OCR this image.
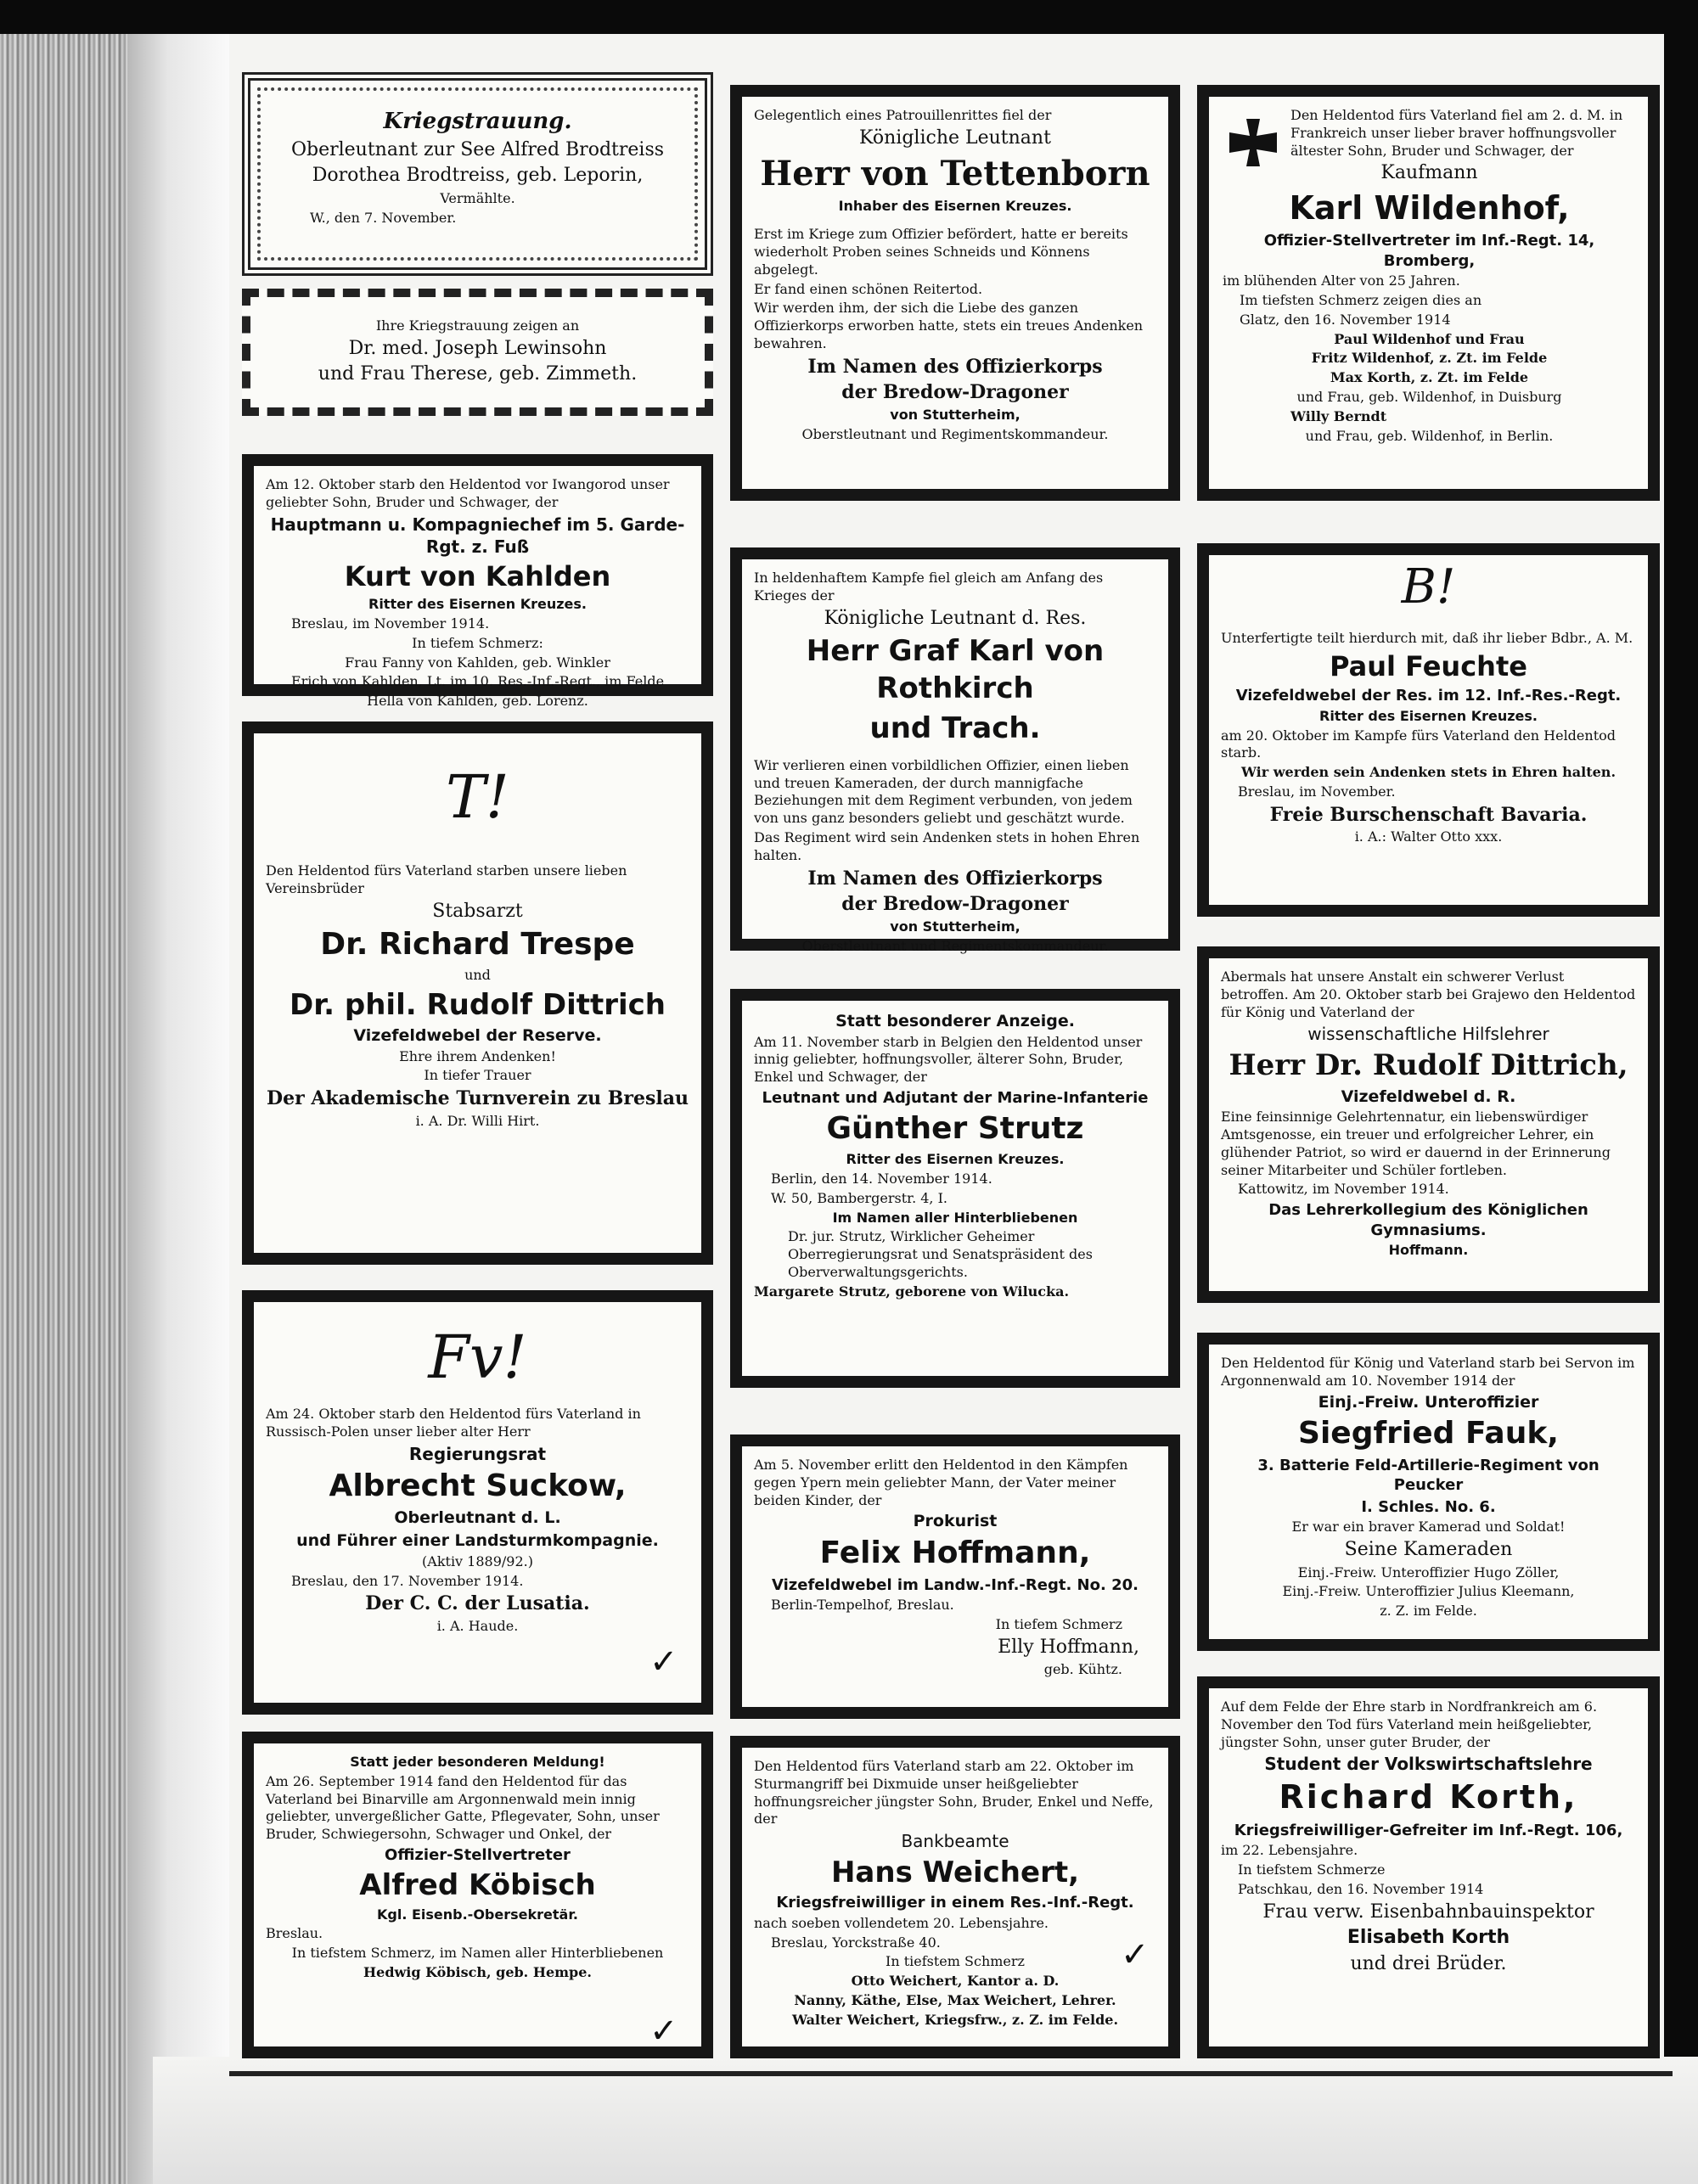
Kriegstrauung.

Oberleutnant zur See Alfred Brodtreiss

Dorothea Brodtreiss, geb. Leporin,

Vermählte.

W., den 7. November.

Ihre Kriegstrauung zeigen an

Dr. med. Joseph Lewinsohn

und Frau Therese, geb. Zimmeth.

Am 12. Oktober starb den Heldentod vor Iwangorod unser geliebter Sohn, Bruder und Schwager, der

Hauptmann u. Kompagniechef im 5. Garde-Rgt. z. Fuß

Kurt von Kahlden

Ritter des Eisernen Kreuzes.

Breslau, im November 1914.

In tiefem Schmerz:

Frau Fanny von Kahlden, geb. Winkler

Erich von Kahlden, Lt. im 10. Res.-Inf.-Regt., im Felde

Hella von Kahlden, geb. Lorenz.

T!

Den Heldentod fürs Vaterland starben unsere lieben Vereinsbrüder

Stabsarzt

Dr. Richard Trespe

und

Dr. phil. Rudolf Dittrich

Vizefeldwebel der Reserve.

Ehre ihrem Andenken!

In tiefer Trauer

Der Akademische Turnverein zu Breslau

i. A. Dr. Willi Hirt.

Fv!

Am 24. Oktober starb den Heldentod fürs Vaterland in Russisch-Polen unser lieber alter Herr

Regierungsrat

Albrecht Suckow,

Oberleutnant d. L.

und Führer einer Landsturmkompagnie.

(Aktiv 1889/92.)

Breslau, den 17. November 1914.

Der C. C. der Lusatia.

i. A. Haude.

Statt jeder besonderen Meldung!

Am 26. September 1914 fand den Heldentod für das Vaterland bei Binarville am Argonnenwald mein innig geliebter, unvergeßlicher Gatte, Pflegevater, Sohn, unser Bruder, Schwiegersohn, Schwager und Onkel, der

Offizier-Stellvertreter

Alfred Köbisch

Kgl. Eisenb.-Obersekretär.

Breslau.

In tiefstem Schmerz, im Namen aller Hinterbliebenen

Hedwig Köbisch, geb. Hempe.

Gelegentlich eines Patrouillenrittes fiel der

Königliche Leutnant

Herr von Tettenborn

Inhaber des Eisernen Kreuzes.

Erst im Kriege zum Offizier befördert, hatte er bereits wiederholt Proben seines Schneids und Könnens abgelegt.

Er fand einen schönen Reitertod.

Wir werden ihm, der sich die Liebe des ganzen Offizierkorps erworben hatte, stets ein treues Andenken bewahren.

Im Namen des Offizierkorps

der Bredow-Dragoner

von Stutterheim,

Oberstleutnant und Regimentskommandeur.

In heldenhaftem Kampfe fiel gleich am Anfang des Krieges der

Königliche Leutnant d. Res.

Herr Graf Karl von Rothkirch

und Trach.

Wir verlieren einen vorbildlichen Offizier, einen lieben und treuen Kameraden, der durch mannigfache Beziehungen mit dem Regiment verbunden, von jedem von uns ganz besonders geliebt und geschätzt wurde.

Das Regiment wird sein Andenken stets in hohen Ehren halten.

Im Namen des Offizierkorps

der Bredow-Dragoner

von Stutterheim,

Oberstleutnant und Regimentskommandeur.

Statt besonderer Anzeige.

Am 11. November starb in Belgien den Heldentod unser innig geliebter, hoffnungsvoller, älterer Sohn, Bruder, Enkel und Schwager, der

Leutnant und Adjutant der Marine-Infanterie

Günther Strutz

Ritter des Eisernen Kreuzes.

Berlin, den 14. November 1914.

W. 50, Bambergerstr. 4, I.

Im Namen aller Hinterbliebenen

Dr. jur. Strutz, Wirklicher Geheimer Oberregierungsrat und Senatspräsident des Oberverwaltungsgerichts.

Margarete Strutz, geborene von Wilucka.

Am 5. November erlitt den Heldentod in den Kämpfen gegen Ypern mein geliebter Mann, der Vater meiner beiden Kinder, der

Prokurist

Felix Hoffmann,

Vizefeldwebel im Landw.-Inf.-Regt. No. 20.

Berlin-Tempelhof, Breslau.

In tiefem Schmerz

Elly Hoffmann,

geb. Kühtz.

Den Heldentod fürs Vaterland starb am 22. Oktober im Sturmangriff bei Dixmuide unser heißgeliebter hoffnungsreicher jüngster Sohn, Bruder, Enkel und Neffe, der

Bankbeamte

Hans Weichert,

Kriegsfreiwilliger in einem Res.-Inf.-Regt.

nach soeben vollendetem 20. Lebensjahre.

Breslau, Yorckstraße 40.

In tiefstem Schmerz

Otto Weichert, Kantor a. D.

Nanny, Käthe, Else, Max Weichert, Lehrer.

Walter Weichert, Kriegsfrw., z. Z. im Felde.

Den Heldentod fürs Vaterland fiel am 2. d. M. in Frankreich unser lieber braver hoffnungsvoller ältester Sohn, Bruder und Schwager, der

Kaufmann

Karl Wildenhof,

Offizier-Stellvertreter im Inf.-Regt. 14, Bromberg,

im blühenden Alter von 25 Jahren.

Im tiefsten Schmerz zeigen dies an

Glatz, den 16. November 1914

Paul Wildenhof und Frau

Fritz Wildenhof, z. Zt. im Felde

Max Korth, z. Zt. im Felde

und Frau, geb. Wildenhof, in Duisburg

Willy Berndt

und Frau, geb. Wildenhof, in Berlin.

B!

Unterfertigte teilt hierdurch mit, daß ihr lieber Bdbr., A. M.

Paul Feuchte

Vizefeldwebel der Res. im 12. Inf.-Res.-Regt.

Ritter des Eisernen Kreuzes.

am 20. Oktober im Kampfe fürs Vaterland den Heldentod starb.

Wir werden sein Andenken stets in Ehren halten.

Breslau, im November.

Freie Burschenschaft Bavaria.

i. A.: Walter Otto xxx.

Abermals hat unsere Anstalt ein schwerer Verlust betroffen. Am 20. Oktober starb bei Grajewo den Heldentod für König und Vaterland der

wissenschaftliche Hilfslehrer

Herr Dr. Rudolf Dittrich,

Vizefeldwebel d. R.

Eine feinsinnige Gelehrtennatur, ein liebenswürdiger Amtsgenosse, ein treuer und erfolgreicher Lehrer, ein glühender Patriot, so wird er dauernd in der Erinnerung seiner Mitarbeiter und Schüler fortleben.

Kattowitz, im November 1914.

Das Lehrerkollegium des Königlichen Gymnasiums.

Hoffmann.

Den Heldentod für König und Vaterland starb bei Servon im Argonnenwald am 10. November 1914 der

Einj.-Freiw. Unteroffizier

Siegfried Fauk,

3. Batterie Feld-Artillerie-Regiment von Peucker

I. Schles. No. 6.

Er war ein braver Kamerad und Soldat!

Seine Kameraden

Einj.-Freiw. Unteroffizier Hugo Zöller,

Einj.-Freiw. Unteroffizier Julius Kleemann,

z. Z. im Felde.

Auf dem Felde der Ehre starb in Nordfrankreich am 6. November den Tod fürs Vaterland mein heißgeliebter, jüngster Sohn, unser guter Bruder, der

Student der Volkswirtschaftslehre

Richard Korth,

Kriegsfreiwilliger-Gefreiter im Inf.-Regt. 106,

im 22. Lebensjahre.

In tiefstem Schmerze

Patschkau, den 16. November 1914

Frau verw. Eisenbahnbauinspektor

Elisabeth Korth

und drei Brüder.

✓
✓
✓
